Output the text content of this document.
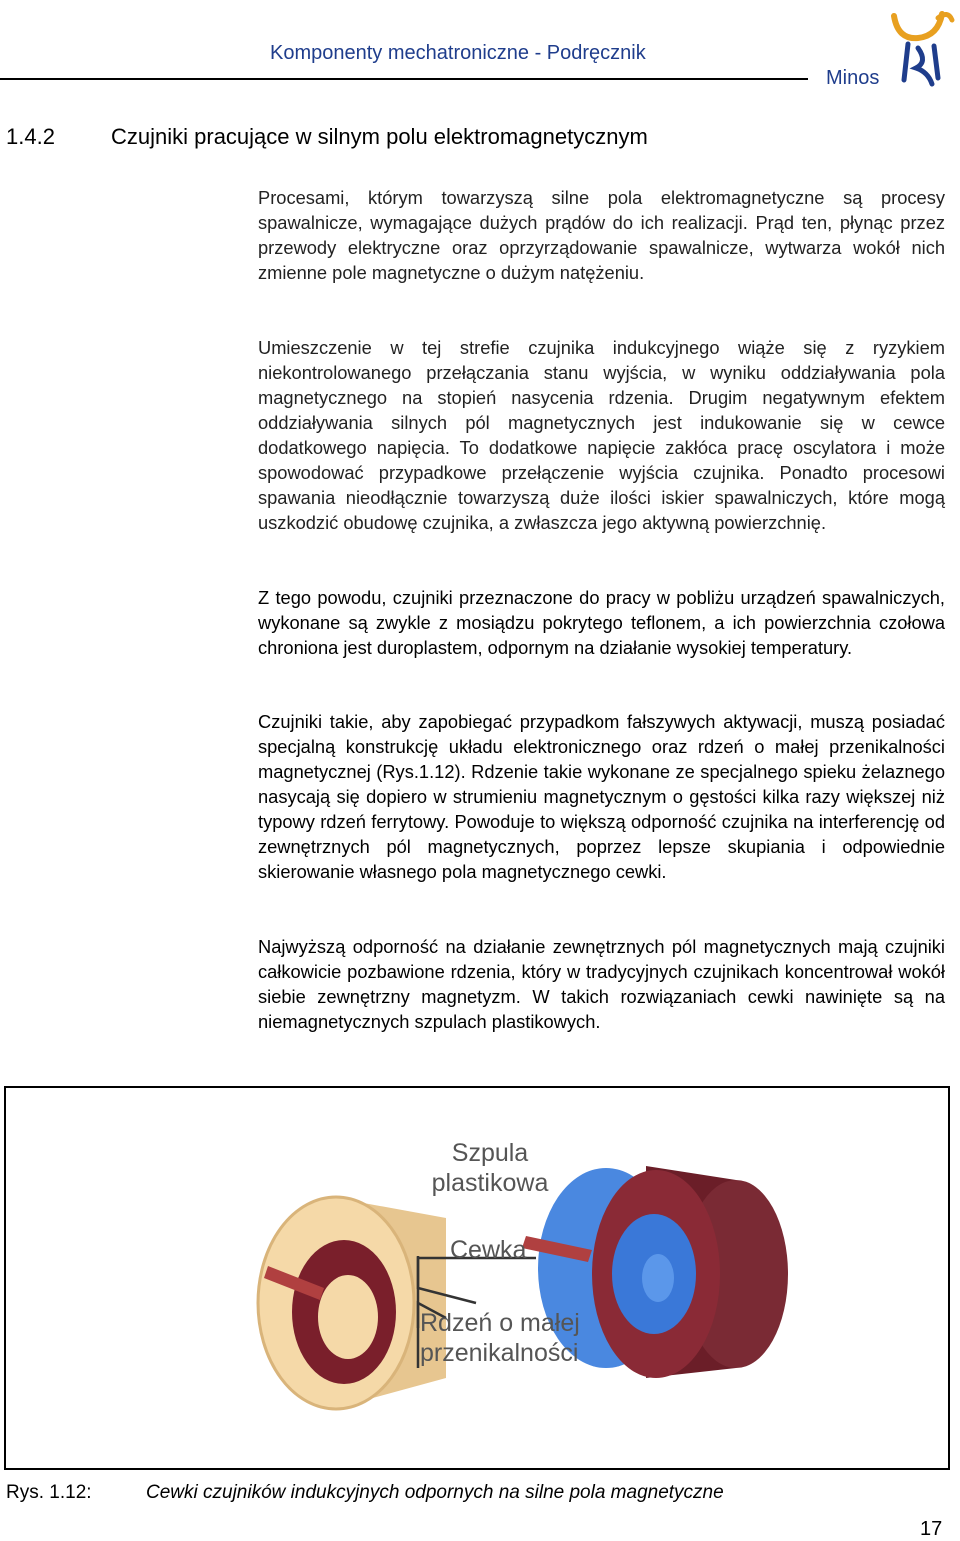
Komponenty mechatroniczne - Podręcznik
Minos
1.4.2	Czujniki pracujące w silnym polu elektromagnetycznym

Procesami, którym towarzyszą silne pola elektromagnetyczne są procesy spawalnicze, wymagające dużych prądów do ich realizacji. Prąd ten, płynąc przez przewody elektryczne oraz oprzyrządowanie spawalnicze, wytwarza wokół nich zmienne pole magnetyczne o dużym natężeniu.

Umieszczenie w tej strefie czujnika indukcyjnego wiąże się z ryzykiem niekontrolowanego przełączania stanu wyjścia, w wyniku oddziaływania pola magnetycznego na stopień nasycenia rdzenia. Drugim negatywnym efektem oddziaływania silnych pól magnetycznych jest indukowanie się w cewce dodatkowego napięcia. To dodatkowe napięcie zakłóca pracę oscylatora i może spowodować przypadkowe przełączenie wyjścia czujnika. Ponadto procesowi spawania nieodłącznie towarzyszą duże ilości iskier spawalniczych, które mogą uszkodzić obudowę czujnika, a zwłaszcza jego aktywną powierzchnię.

Z tego powodu, czujniki przeznaczone do pracy w pobliżu urządzeń spawalniczych, wykonane są zwykle z mosiądzu pokrytego teflonem, a ich powierzchnia czołowa chroniona jest duroplastem, odpornym na działanie wysokiej temperatury.

Czujniki takie, aby zapobiegać przypadkom fałszywych aktywacji, muszą posiadać specjalną konstrukcję układu elektronicznego oraz rdzeń o małej przenikalności magnetycznej (Rys.1.12). Rdzenie takie wykonane ze specjalnego spieku żelaznego nasycają się dopiero w strumieniu magnetycznym o gęstości kilka razy większej niż typowy rdzeń ferrytowy. Powoduje to większą odporność czujnika na interferencję od zewnętrznych pól magnetycznych, poprzez lepsze skupiania i odpowiednie skierowanie własnego pola magnetycznego cewki.

Najwyższą odporność na działanie zewnętrznych pól magnetycznych mają czujniki całkowicie pozbawione rdzenia, który w tradycyjnych czujnikach koncentrował wokół siebie zewnętrzny magnetyzm. W takich rozwiązaniach cewki nawinięte są na niemagnetycznych szpulach plastikowych.

Szpula
plastikowa
Cewka
Rdzeń o małej
przenikalności
Rys. 1.12:	Cewki czujników indukcyjnych odpornych na silne pola magnetyczne
17
